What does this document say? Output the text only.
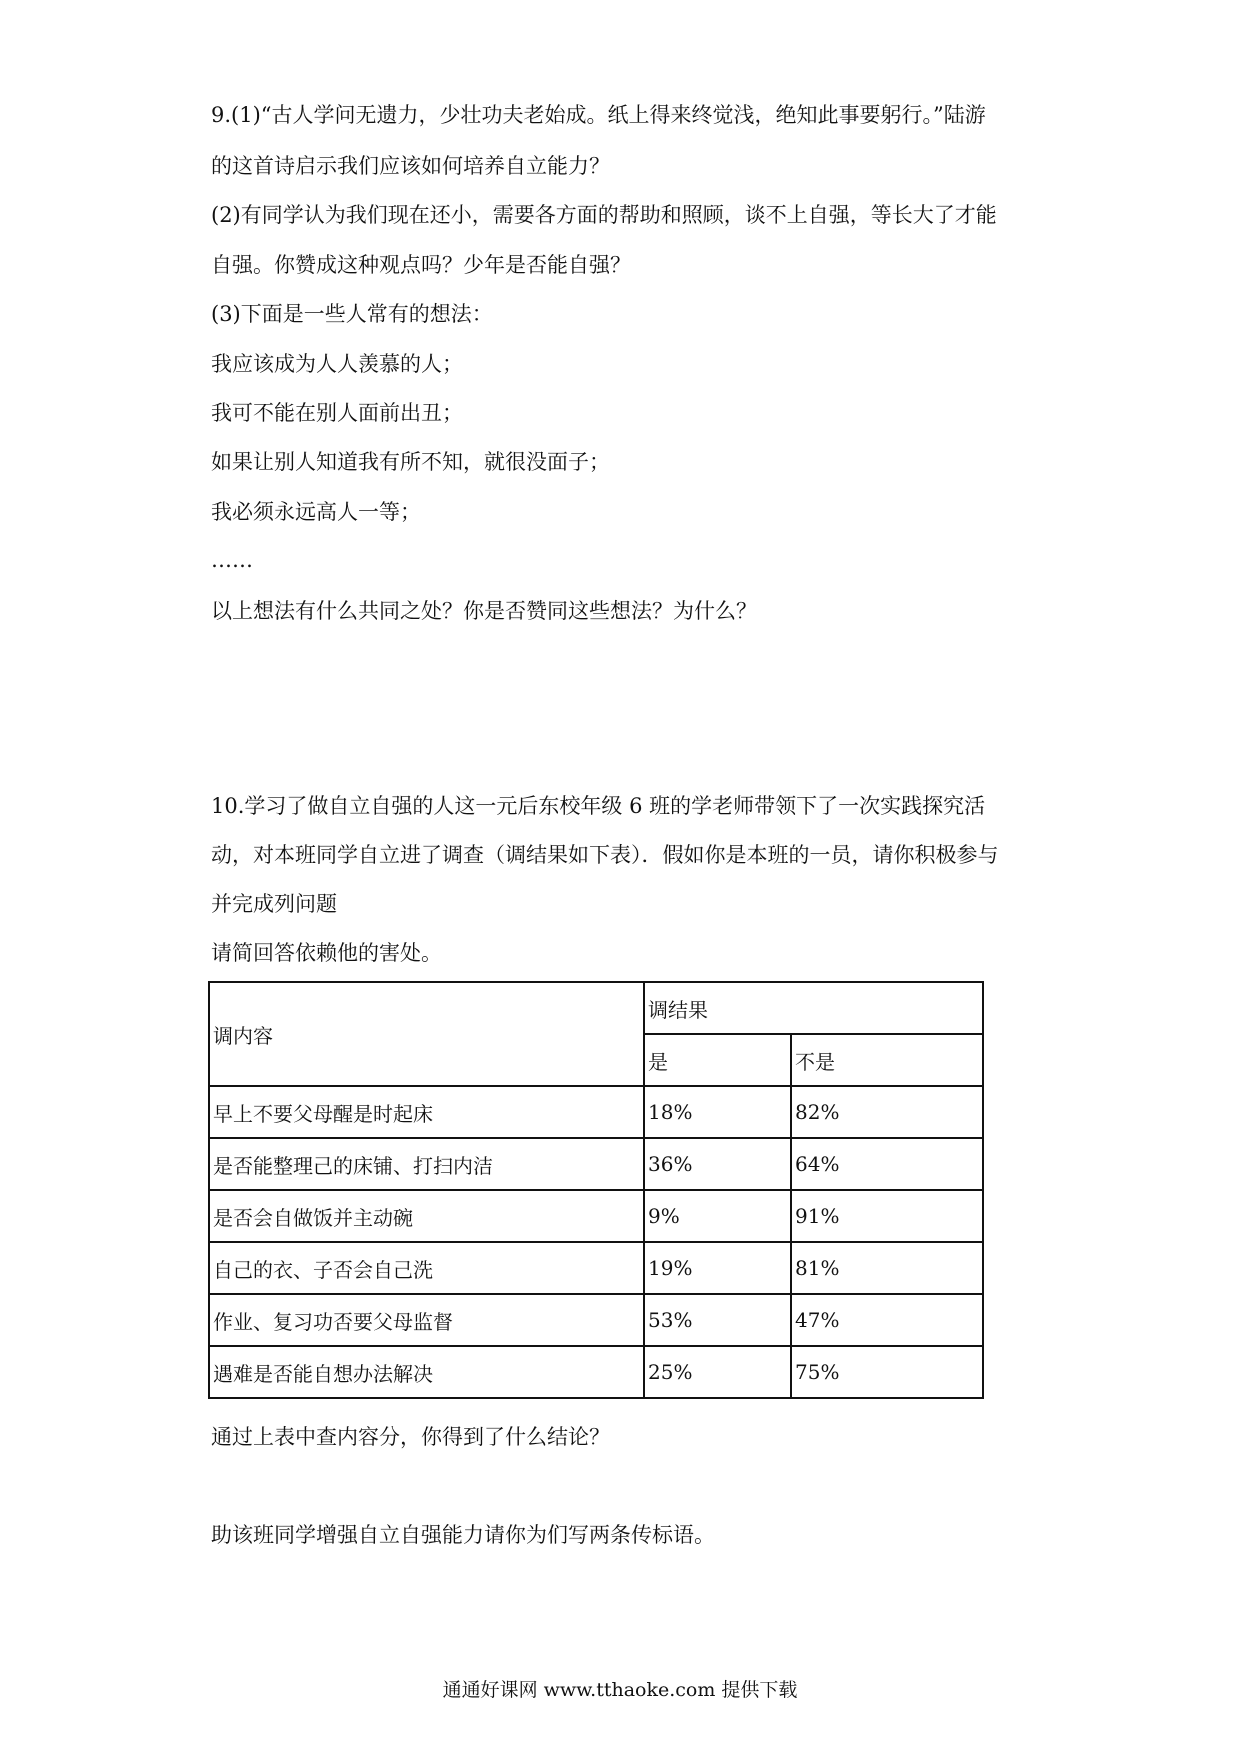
9.(1)“古人学问无遗力，少壮功夫老始成。纸上得来终觉浅，绝知此事要躬行。”陆游
的这首诗启示我们应该如何培养自立能力？
(2)有同学认为我们现在还小，需要各方面的帮助和照顾，谈不上自强，等长大了才能
自强。你赞成这种观点吗？少年是否能自强？
(3)下面是一些人常有的想法：
我应该成为人人羡慕的人；
我可不能在别人面前出丑；
如果让别人知道我有所不知，就很没面子；
我必须永远高人一等；
……
以上想法有什么共同之处？你是否赞同这些想法？为什么？
10.学习了做自立自强的人这一元后东校年级 6 班的学老师带领下了一次实践探究活
动，对本班同学自立进了调查（调结果如下表）．假如你是本班的一员，请你积极参与
并完成列问题
请简回答依赖他的害处。
调内容	调结果	
	是	不是
早上不要父母醒是时起床	18%	82%
是否能整理己的床铺、打扫内洁	36%	64%
是否会自做饭并主动碗	9%	91%
自己的衣、子否会自己洗	19%	81%
作业、复习功否要父母监督	53%	47%
遇难是否能自想办法解决	25%	75%
通过上表中查内容分，你得到了什么结论？
助该班同学增强自立自强能力请你为们写两条传标语。
通通好课网 www.tthaoke.com 提供下载
